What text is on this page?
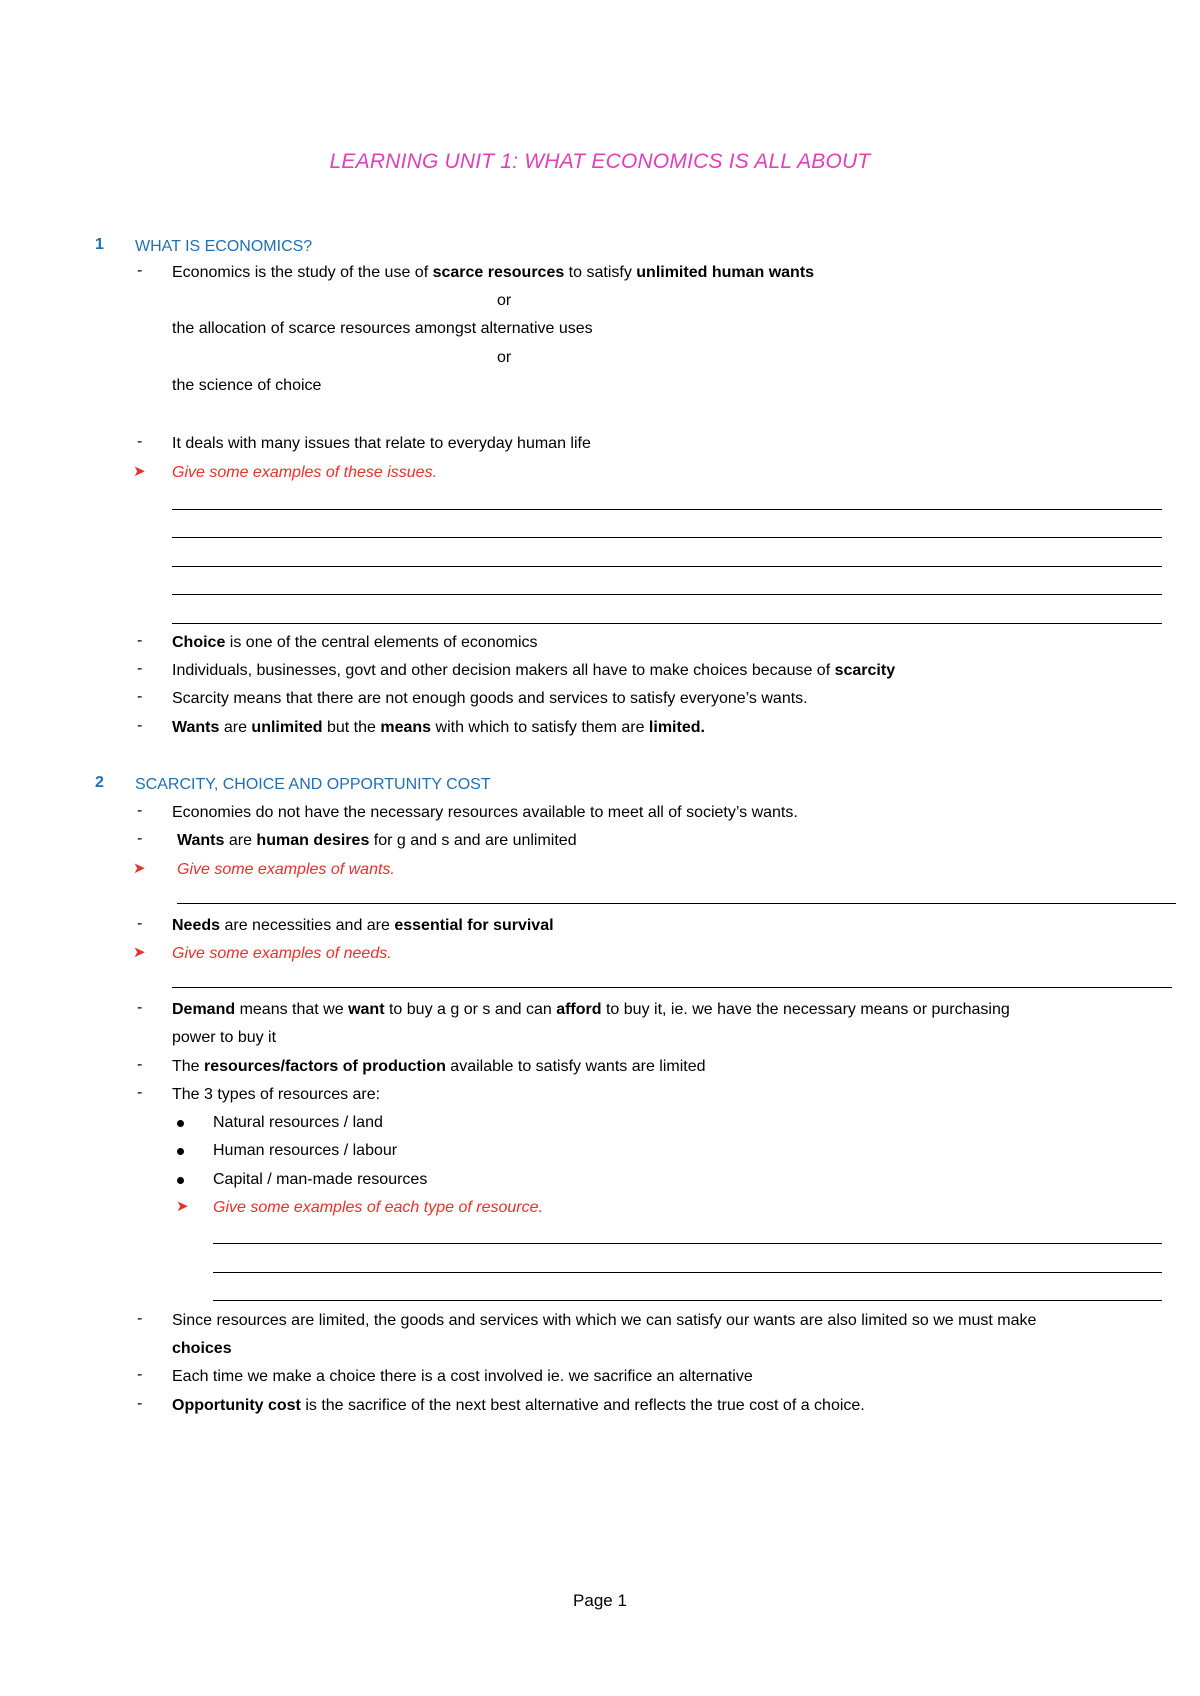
LEARNING UNIT 1: WHAT ECONOMICS IS ALL ABOUT
1 WHAT IS ECONOMICS?
- Economics is the study of the use of scarce resources to satisfy unlimited human wants
or
the allocation of scarce resources amongst alternative uses
or
the science of choice
- It deals with many issues that relate to everyday human life
➤ Give some examples of these issues.
- Choice is one of the central elements of economics
- Individuals, businesses, govt and other decision makers all have to make choices because of scarcity
- Scarcity means that there are not enough goods and services to satisfy everyone’s wants.
- Wants are unlimited but the means with which to satisfy them are limited.
2 SCARCITY, CHOICE AND OPPORTUNITY COST
- Economies do not have the necessary resources available to meet all of society’s wants.
- Wants are human desires for g and s and are unlimited
➤ Give some examples of wants.
- Needs are necessities and are essential for survival
➤ Give some examples of needs.
- Demand means that we want to buy a g or s and can afford to buy it, ie. we have the necessary means or purchasing
power to buy it
- The resources/factors of production available to satisfy wants are limited
- The 3 types of resources are:
Natural resources / land
Human resources / labour
Capital / man-made resources
➤ Give some examples of each type of resource.
- Since resources are limited, the goods and services with which we can satisfy our wants are also limited so we must make
choices
- Each time we make a choice there is a cost involved ie. we sacrifice an alternative
- Opportunity cost is the sacrifice of the next best alternative and reflects the true cost of a choice.
Page 1
